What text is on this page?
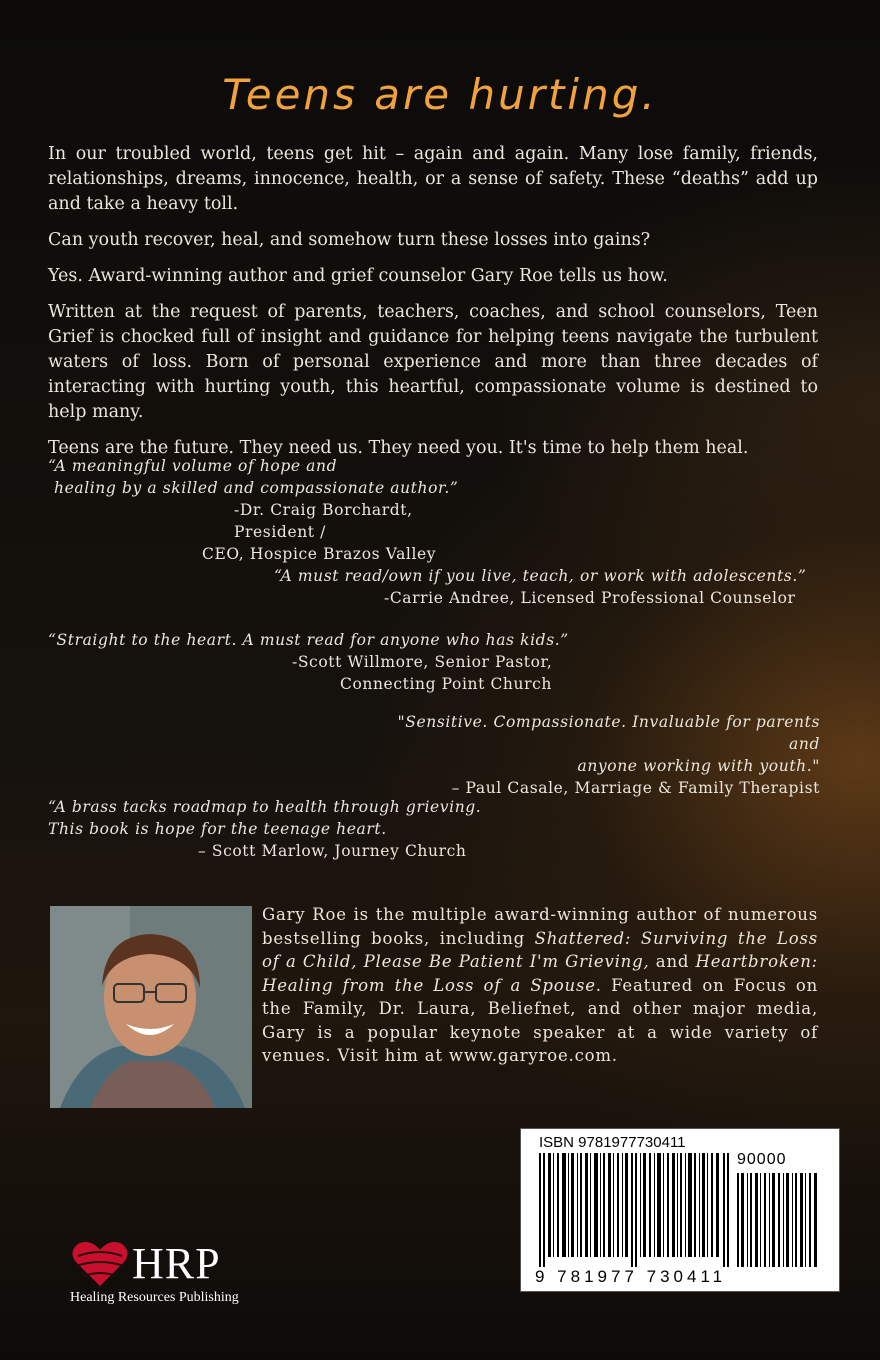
Teens are hurting.

In our troubled world, teens get hit – again and again. Many lose family, friends, relationships, dreams, innocence, health, or a sense of safety. These “deaths” add up and take a heavy toll.

Can youth recover, heal, and somehow turn these losses into gains?

Yes. Award-winning author and grief counselor Gary Roe tells us how.

Written at the request of parents, teachers, coaches, and school counselors, Teen Grief is chocked full of insight and guidance for helping teens navigate the turbulent waters of loss. Born of personal experience and more than three decades of interacting with hurting youth, this heartful, compassionate volume is destined to help many.

Teens are the future. They need us. They need you. It's time to help them heal.

“A meaningful volume of hope and
healing by a skilled and compassionate author.”
-Dr. Craig Borchardt, President /
CEO, Hospice Brazos Valley
“A must read/own if you live, teach, or work with adolescents.”
-Carrie Andree, Licensed Professional Counselor
“Straight to the heart. A must read for anyone who has kids.”
-Scott Willmore, Senior Pastor,
Connecting Point Church
"Sensitive. Compassionate. Invaluable for parents and
anyone working with youth."
– Paul Casale, Marriage & Family Therapist
“A brass tacks roadmap to health through grieving.
This book is hope for the teenage heart.
– Scott Marlow, Journey Church
Gary Roe is the multiple award-winning author of numerous bestselling books, including Shattered: Surviving the Loss of a Child, Please Be Patient I'm Grieving, and Heartbroken: Healing from the Loss of a Spouse. Featured on Focus on the Family, Dr. Laura, Beliefnet, and other major media, Gary is a popular keynote speaker at a wide variety of venues. Visit him at www.garyroe.com.
ISBN 9781977730411
90000
9 781977 730411
HRP
Healing Resources Publishing
